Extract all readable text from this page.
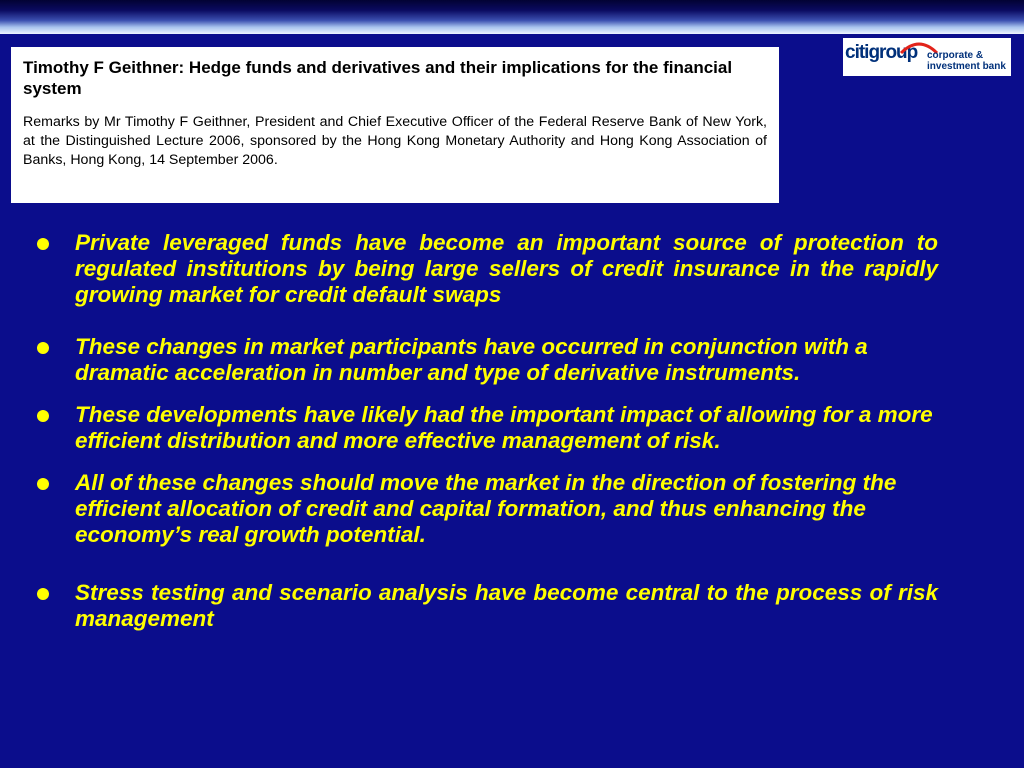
Timothy F Geithner: Hedge funds and derivatives and their implications for the financial system

Remarks by Mr Timothy F Geithner, President and Chief Executive Officer of the Federal Reserve Bank of New York, at the Distinguished Lecture 2006, sponsored by the Hong Kong Monetary Authority and Hong Kong Association of Banks, Hong Kong, 14 September 2006.

citigroup corporate &
investment bank
Private leveraged funds have become an important source of protection to regulated institutions by being large sellers of credit insurance in the rapidly growing market for credit default swaps
These changes in market participants have occurred in conjunction with a dramatic acceleration in number and type of derivative instruments.
These developments have likely had the important impact of allowing for a more efficient distribution and more effective management of risk.
All of these changes should move the market in the direction of fostering the efficient allocation of credit and capital formation, and thus enhancing the economy’s real growth potential.
Stress testing and scenario analysis have become central to the process of risk management
